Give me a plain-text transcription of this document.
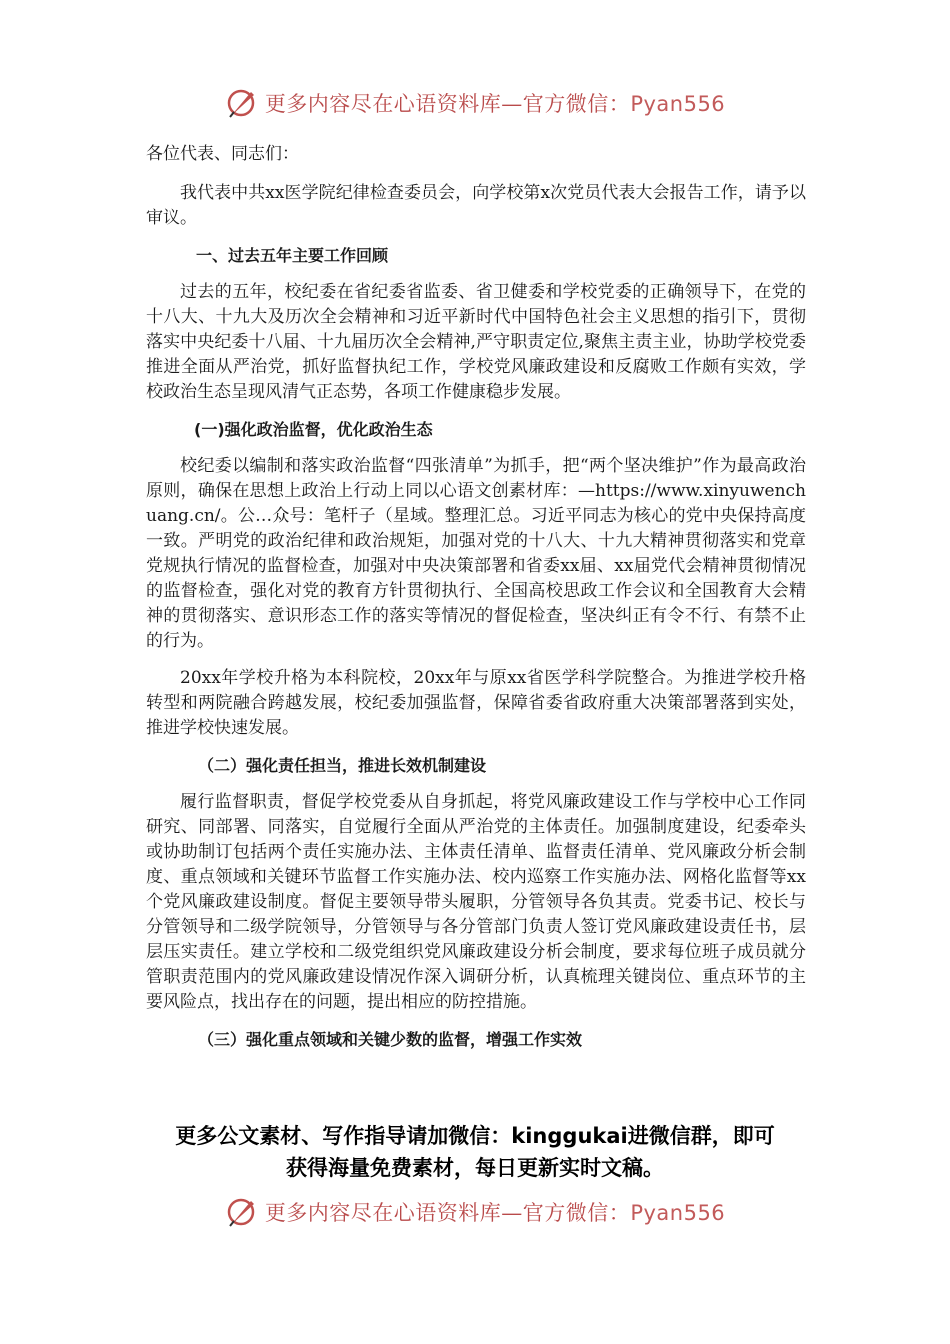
更多内容尽在心语资料库—官方微信：Pyan556

各位代表、同志们：

我代表中共xx医学院纪律检查委员会，向学校第x次党员代表大会报告工作，请予以审议。

一、过去五年主要工作回顾

过去的五年，校纪委在省纪委省监委、省卫健委和学校党委的正确领导下，在党的十八大、十九大及历次全会精神和习近平新时代中国特色社会主义思想的指引下，贯彻落实中央纪委十八届、十九届历次全会精神,严守职责定位,聚焦主责主业，协助学校党委推进全面从严治党，抓好监督执纪工作，学校党风廉政建设和反腐败工作颇有实效，学校政治生态呈现风清气正态势，各项工作健康稳步发展。

(一)强化政治监督，优化政治生态

校纪委以编制和落实政治监督“四张清单”为抓手，把“两个坚决维护”作为最高政治原则，确保在思想上政治上行动上同以心语文创素材库：—https://www.xinyuwenchuang.cn/。公…众号：笔杆子（星域。整理汇总。习近平同志为核心的党中央保持高度一致。严明党的政治纪律和政治规矩，加强对党的十八大、十九大精神贯彻落实和党章党规执行情况的监督检查，加强对中央决策部署和省委xx届、xx届党代会精神贯彻情况的监督检查，强化对党的教育方针贯彻执行、全国高校思政工作会议和全国教育大会精神的贯彻落实、意识形态工作的落实等情况的督促检查，坚决纠正有令不行、有禁不止的行为。

20xx年学校升格为本科院校，20xx年与原xx省医学科学院整合。为推进学校升格转型和两院融合跨越发展，校纪委加强监督，保障省委省政府重大决策部署落到实处，推进学校快速发展。

（二）强化责任担当，推进长效机制建设

履行监督职责，督促学校党委从自身抓起，将党风廉政建设工作与学校中心工作同研究、同部署、同落实，自觉履行全面从严治党的主体责任。加强制度建设，纪委牵头或协助制订包括两个责任实施办法、主体责任清单、监督责任清单、党风廉政分析会制度、重点领域和关键环节监督工作实施办法、校内巡察工作实施办法、网格化监督等xx个党风廉政建设制度。督促主要领导带头履职，分管领导各负其责。党委书记、校长与分管领导和二级学院领导，分管领导与各分管部门负责人签订党风廉政建设责任书，层层压实责任。建立学校和二级党组织党风廉政建设分析会制度，要求每位班子成员就分管职责范围内的党风廉政建设情况作深入调研分析，认真梳理关键岗位、重点环节的主要风险点，找出存在的问题，提出相应的防控措施。

（三）强化重点领域和关键少数的监督，增强工作实效

更多公文素材、写作指导请加微信：kinggukai进微信群，即可
获得海量免费素材，每日更新实时文稿。
更多内容尽在心语资料库—官方微信：Pyan556
